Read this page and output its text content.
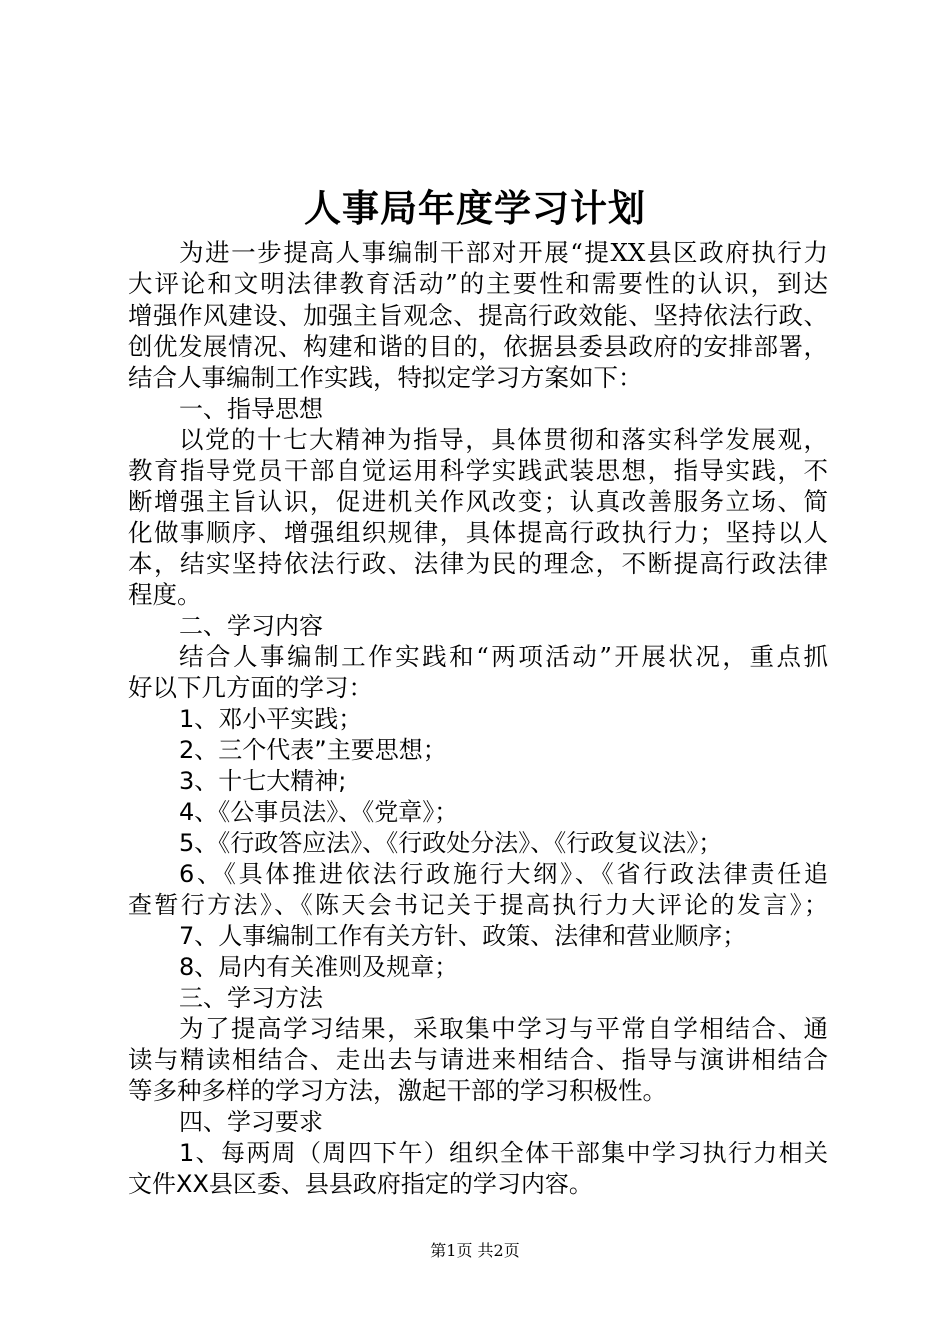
人事局年度学习计划
为进一步提高人事编制干部对开展“提XX县区政府执行力
大评论和文明法律教育活动”的主要性和需要性的认识，到达
增强作风建设、加强主旨观念、提高行政效能、坚持依法行政、
创优发展情况、构建和谐的目的，依据县委县政府的安排部署，
结合人事编制工作实践，特拟定学习方案如下：
一、指导思想
以党的十七大精神为指导，具体贯彻和落实科学发展观，
教育指导党员干部自觉运用科学实践武装思想，指导实践，不
断增强主旨认识，促进机关作风改变；认真改善服务立场、简
化做事顺序、增强组织规律，具体提高行政执行力；坚持以人
本，结实坚持依法行政、法律为民的理念，不断提高行政法律
程度。
二、学习内容
结合人事编制工作实践和“两项活动”开展状况，重点抓
好以下几方面的学习：
1、邓小平实践；
2、三个代表”主要思想；
3、十七大精神;
4、《公事员法》、《党章》；
5、《行政答应法》、《行政处分法》、《行政复议法》；
6、《具体推进依法行政施行大纲》、《省行政法律责任追
查暂行方法》、《陈天会书记关于提高执行力大评论的发言》；
7、人事编制工作有关方针、政策、法律和营业顺序；
8、局内有关准则及规章；
三、学习方法
为了提高学习结果，采取集中学习与平常自学相结合、通
读与精读相结合、走出去与请进来相结合、指导与演讲相结合
等多种多样的学习方法，激起干部的学习积极性。
四、学习要求
1、每两周（周四下午）组织全体干部集中学习执行力相关
文件XX县区委、县县政府指定的学习内容。
第1页 共2页
